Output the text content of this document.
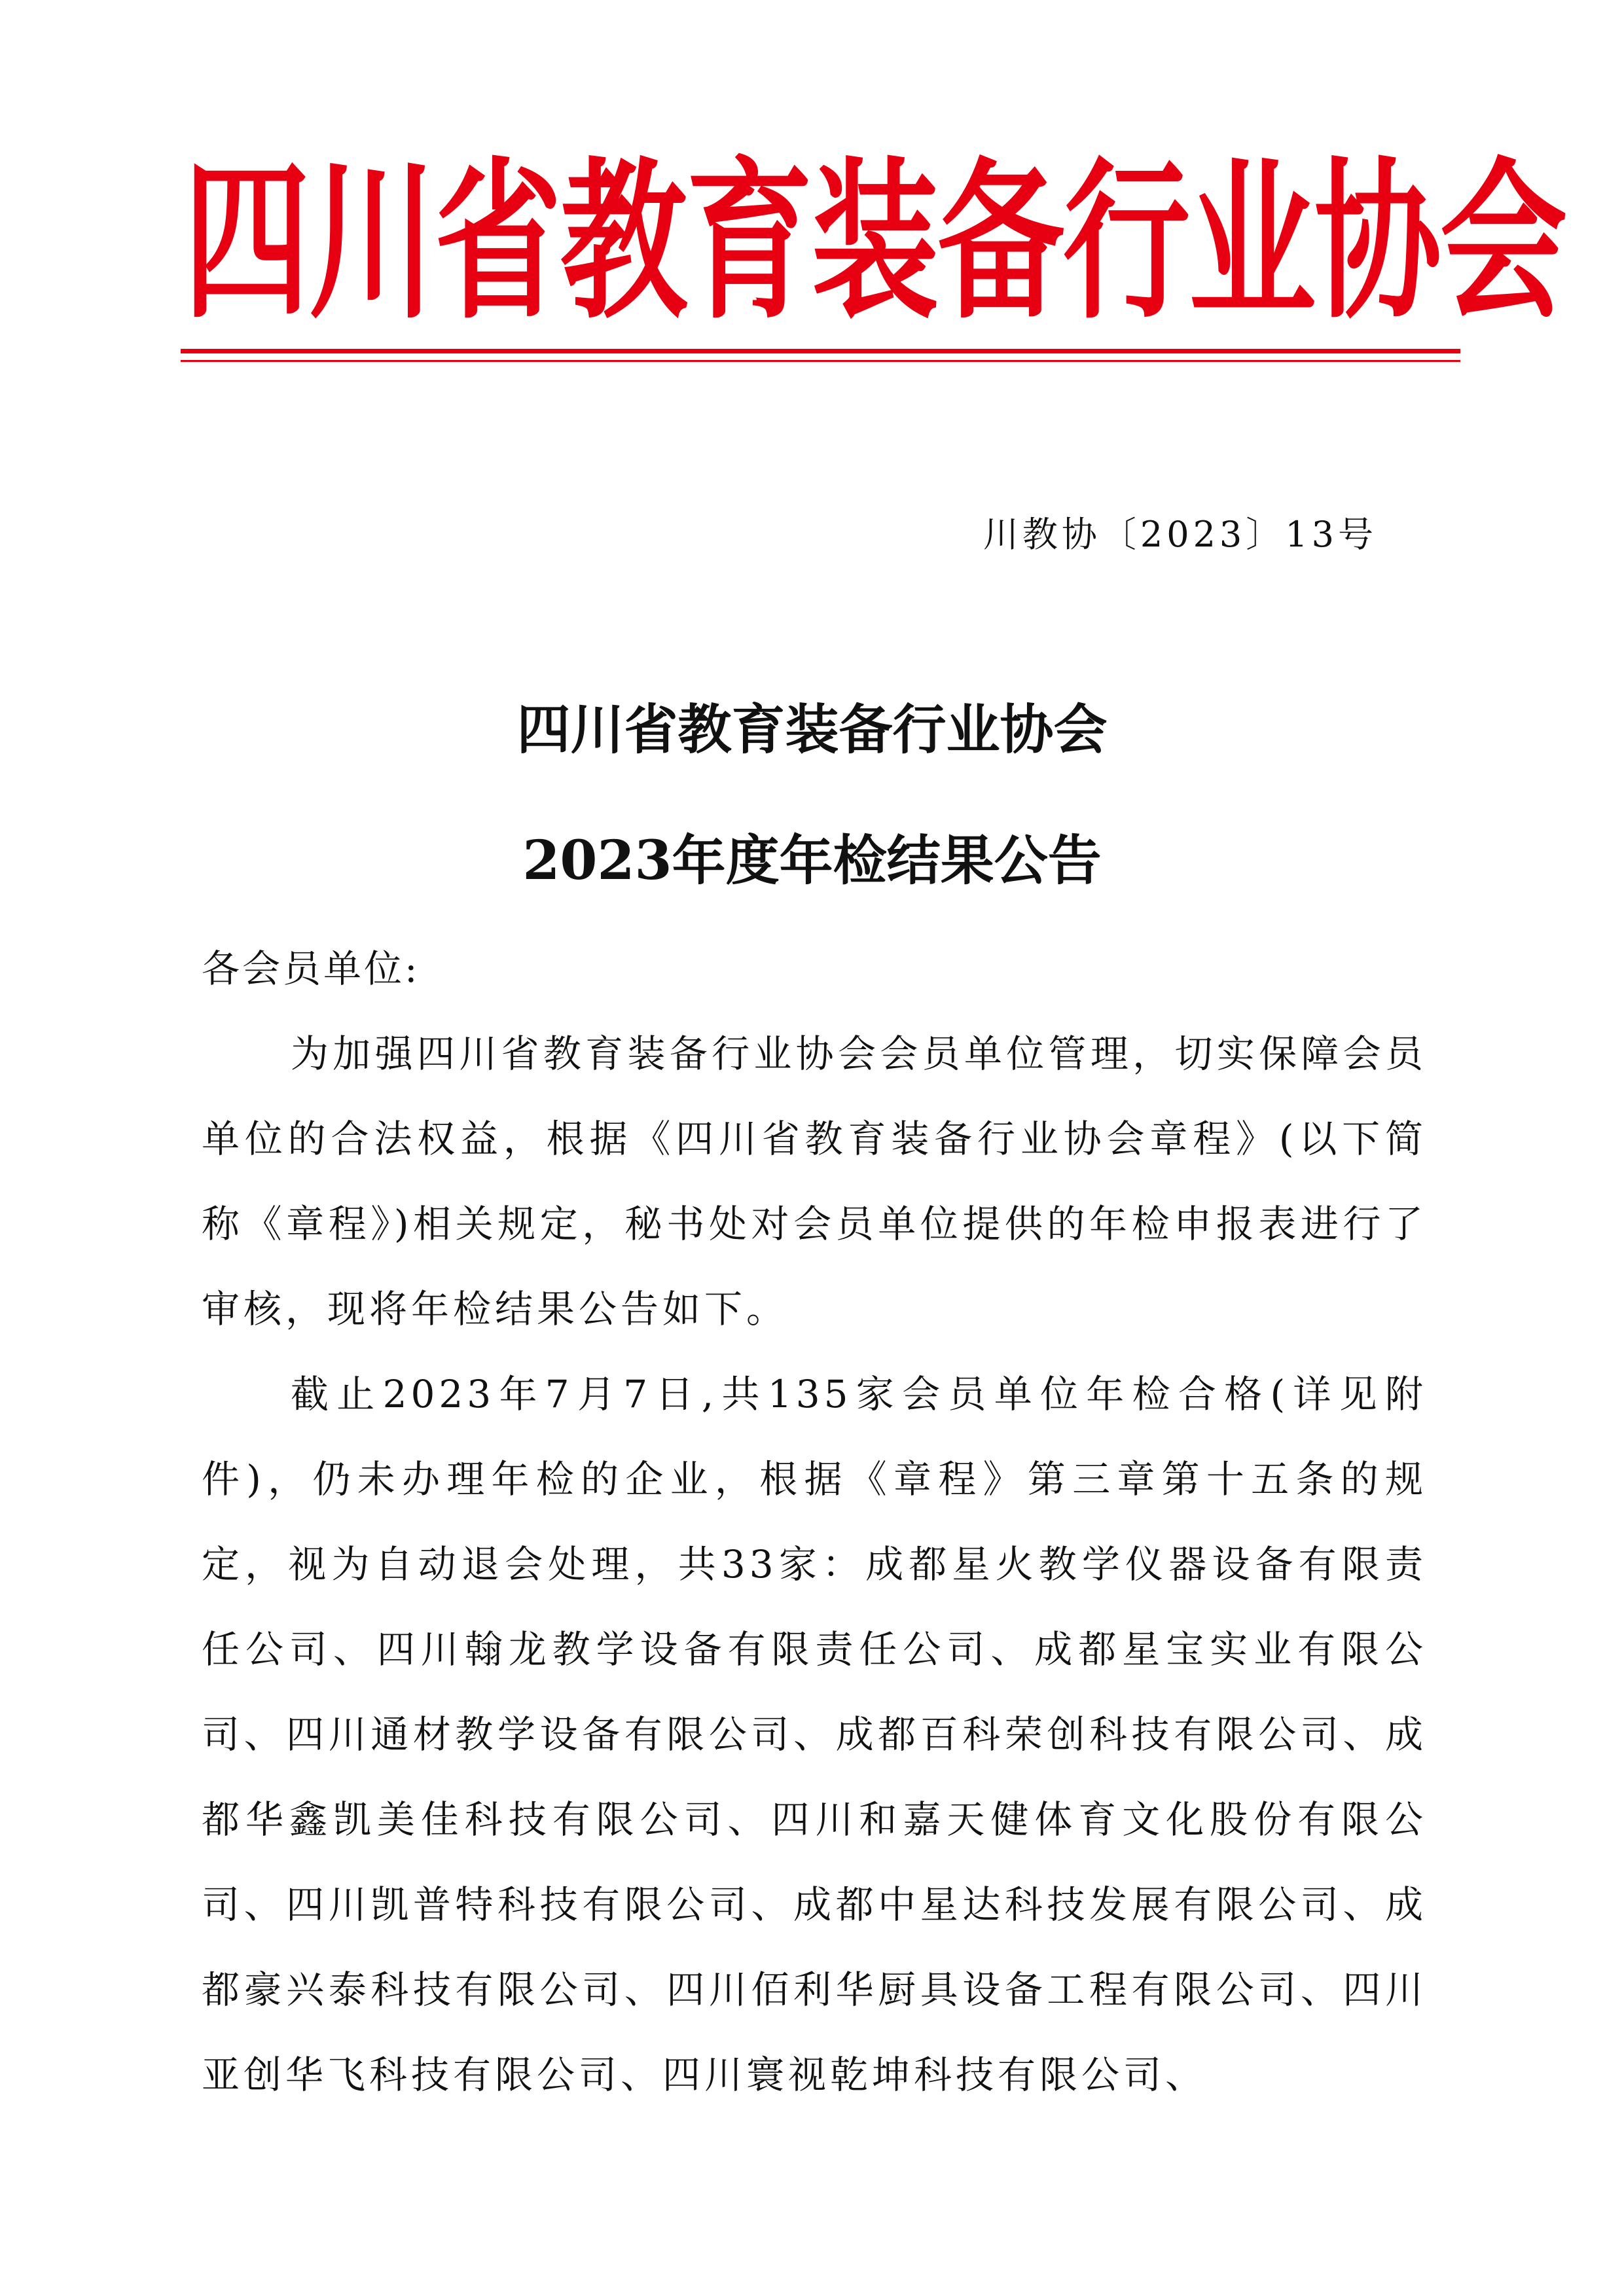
四川省教育装备行业协会
川教协〔2023〕13号
四川省教育装备行业协会
2023年度年检结果公告
各会员单位:

为加强四川省教育装备行业协会会员单位管理，切实保障会员单位的合法权益，根据《四川省教育装备行业协会章程》(以下简称《章程》)相关规定，秘书处对会员单位提供的年检申报表进行了审核，现将年检结果公告如下。

截止2023年7月7日,共135家会员单位年检合格(详见附件)，仍未办理年检的企业，根据《章程》第三章第十五条的规定，视为自动退会处理，共33家：成都星火教学仪器设备有限责任公司、四川翰龙教学设备有限责任公司、成都星宝实业有限公司、四川通材教学设备有限公司、成都百科荣创科技有限公司、成都华鑫凯美佳科技有限公司、四川和嘉天健体育文化股份有限公司、四川凯普特科技有限公司、成都中星达科技发展有限公司、成都豪兴泰科技有限公司、四川佰利华厨具设备工程有限公司、四川亚创华飞科技有限公司、四川寰视乾坤科技有限公司、
